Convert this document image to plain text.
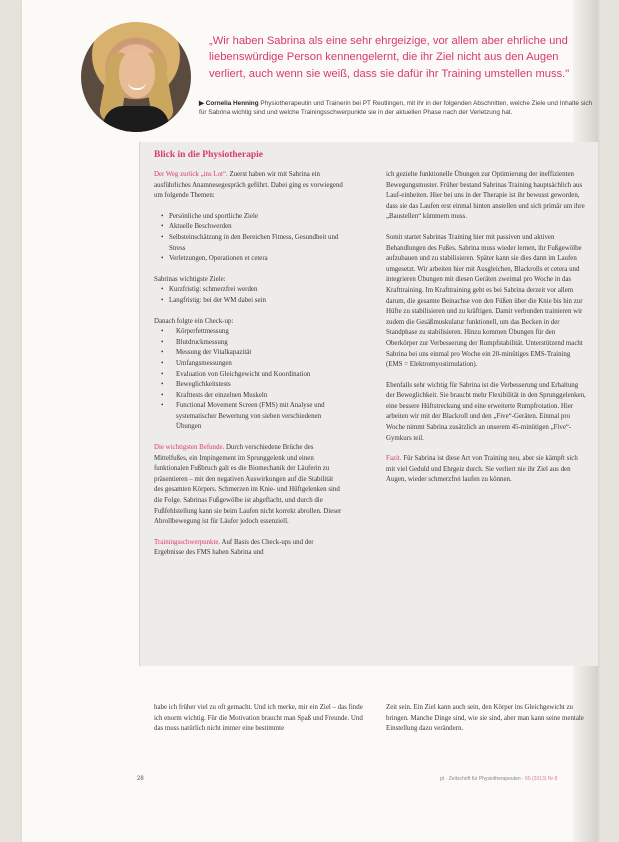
„Wir haben Sabrina als eine sehr ehrgeizige, vor allem aber ehrliche und liebenswürdige Person kennengelernt, die ihr Ziel nicht aus den Augen verliert, auch wenn sie weiß, dass sie dafür ihr Training umstellen muss."

▶ Cornelia Henning Physiotherapeutin und Trainerin bei PT Reutlingen, mit ihr in der folgenden Abschnitten, welche Ziele und Inhalte sich für Sabrina wichtig sind und welche Trainingsschwerpunkte sie in der aktuellen Phase nach der Verletzung hat.

Blick in die Physiotherapie

Der Weg zurück „ins Lot“. Zuerst haben wir mit Sabrina ein ausführliches Anamnesegespräch geführt. Dabei ging es vorwiegend um folgende Themen:

• Persönliche und sportliche Ziele
• Aktuelle Beschwerden
• Selbsteinschätzung in den Bereichen Fitness, Gesundheit und Stress
• Verletzungen, Operationen et cetera
Sabrinas wichtigste Ziele:
• Kurzfristig: schmerzfrei werden
• Langfristig: bei der WM dabei sein
Danach folgte ein Check-up:
• Körperfettmessung
• Blutdruckmessung
• Messung der Vitalkapazität
• Umfangsmessungen
• Evaluation von Gleichgewicht und Koordination
• Beweglichkeitstests
• Krafttests der einzelnen Muskeln
• Functional Movement Screen (FMS) mit Analyse und systematischer Bewertung von sieben verschiedenen Übungen

Die wichtigsten Befunde. Durch verschiedene Brüche des Mittelfußes, ein Impingement im Sprunggelenk und einen funktionalen Fußbruch galt es die Biomechanik der Läuferin zu präsentieren – mit den negativen Auswirkungen auf die Stabilität des gesamten Körpers. Schmerzen im Knie- und Hüftgelenken sind die Folge. Sabrinas Fußgewölbe ist abgeflacht, und durch die Fußfehlstellung kann sie beim Laufen nicht korrekt abrollen. Dieser Abrollbewegung ist für Läufer jedoch essenziell.

Trainingsschwerpunkte. Auf Basis des Check-ups und der Ergebnisse des FMS haben Sabrina und

ich gezielte funktionelle Übungen zur Optimierung der ineffizienten Bewegungsmuster. Früher bestand Sabrinas Training hauptsächlich aus Lauf-einheiten. Hier bei uns in der Therapie ist ihr bewusst geworden, dass sie das Laufen erst einmal hinten anstellen und sich primär um ihre „Baustellen“ kümmern muss.

Somit startet Sabrinas Training hier mit passiven und aktiven Behandlungen des Fußes. Sabrina muss wieder lernen, ihr Fußgewölbe aufzubauen und zu stabilisieren. Später kann sie dies dann im Laufen umgesetzt. Wir arbeiten hier mit Ausgleichen, Blackrolls et cetera und integrieren Übungen mit diesen Geräten zweimal pro Woche in das Krafttraining. Im Krafttraining geht es bei Sabrina derzeit vor allem darum, die gesamte Beinachse von den Füßen über die Knie bis hin zur Hüfte zu stabilisieren und zu kräftigen. Damit verbunden trainieren wir zudem die Gesäßmuskulatur funktionell, um das Becken in der Standphase zu stabilisieren. Hinzu kommen Übungen für den Oberkörper zur Verbesserung der Rumpfstabilität. Unterstützend macht Sabrina bei uns einmal pro Woche ein 20-minütiges EMS-Training (EMS = Elektromyostimulation).

Ebenfalls sehr wichtig für Sabrina ist die Verbesserung und Erhaltung der Beweglichkeit. Sie braucht mehr Flexibilität in den Sprunggelenken, eine bessere Hüftstreckung und eine erweiterte Rumpfrotation. Hier arbeiten wir mit der Blackroll und den „Five“-Geräten. Einmal pro Woche nimmt Sabrina zusätzlich an unserem 45-minütigen „Five“-Gymkurs teil.

Fazit. Für Sabrina ist diese Art von Training neu, aber sie kämpft sich mit viel Geduld und Ehrgeiz durch. Sie verliert nie ihr Ziel aus den Augen, wieder schmerzfrei laufen zu können.

habe ich früher viel zu oft gemacht. Und ich merke, mir ein Ziel – das finde ich enorm wichtig. Für die Motivation braucht man Spaß und Freunde. Und das muss natürlich nicht immer eine bestimmte

Zeit sein. Ein Ziel kann auch sein, den Körper ins Gleichgewicht zu bringen. Manche Dinge sind, wie sie sind, aber man kann seine mentale Einstellung dazu verändern.

28	pt · Zeitschrift für Physiotherapeuten · 65 (2013) Nr 8
